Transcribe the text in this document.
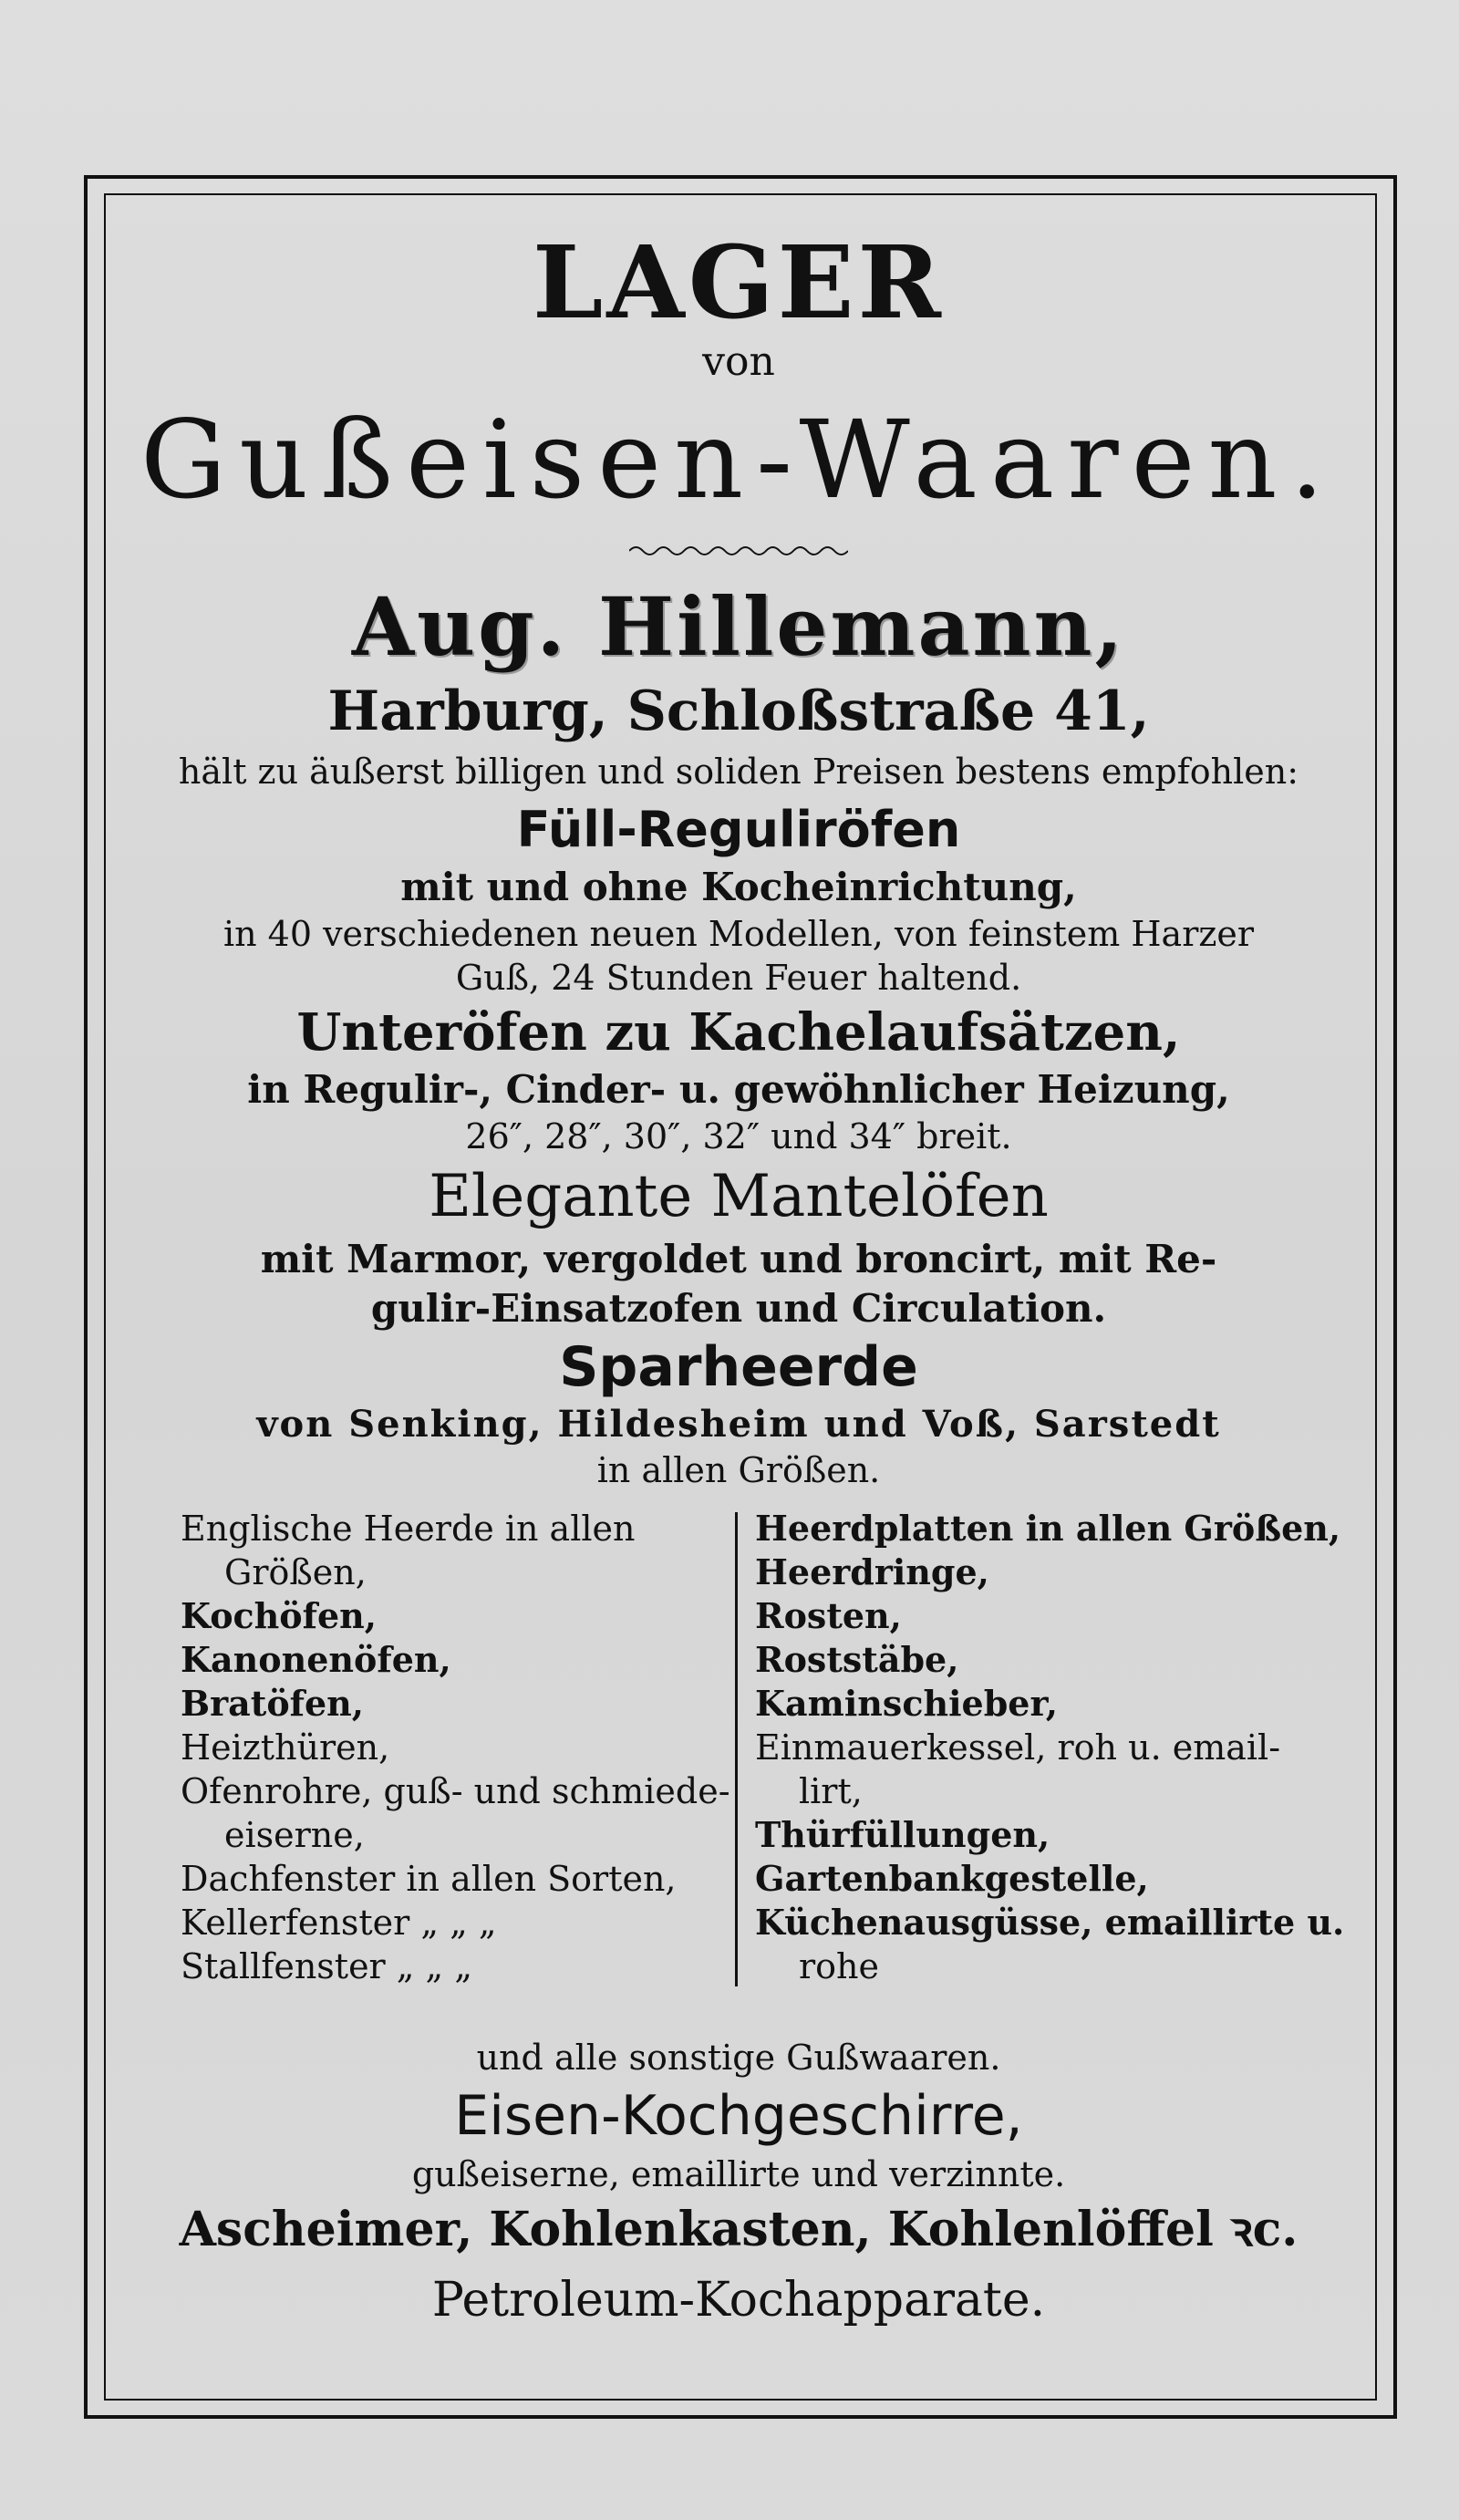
LAGER
von
Gußeisen-Waaren.
Aug. Hillemann,
Harburg, Schloßstraße 41,
hält zu äußerst billigen und soliden Preisen bestens empfohlen:
Füll-Reguliröfen
mit und ohne Kocheinrichtung,
in 40 verschiedenen neuen Modellen, von feinstem Harzer
Guß, 24 Stunden Feuer haltend.
Unteröfen zu Kachelaufsätzen,
in Regulir-, Cinder- u. gewöhnlicher Heizung,
26″, 28″, 30″, 32″ und 34″ breit.
Elegante Mantelöfen
mit Marmor, vergoldet und broncirt, mit Re-
gulir-Einsatzofen und Circulation.
Sparheerde
von Senking, Hildesheim und Voß, Sarstedt
in allen Größen.
Englische Heerde in allen
Größen,
Kochöfen,
Kanonenöfen,
Bratöfen,
Heizthüren,
Ofenrohre, guß- und schmiede-
eiserne,
Dachfenster in allen Sorten,
Kellerfenster „ „ „
Stallfenster „ „ „
Heerdplatten in allen Größen,
Heerdringe,
Rosten,
Roststäbe,
Kaminschieber,
Einmauerkessel, roh u. email-
lirt,
Thürfüllungen,
Gartenbankgestelle,
Küchenausgüsse, emaillirte u.
rohe
und alle sonstige Gußwaaren.
Eisen-Kochgeschirre,
gußeiserne, emaillirte und verzinnte.
Ascheimer, Kohlenkasten, Kohlenlöffel ꝛc.
Petroleum-Kochapparate.
